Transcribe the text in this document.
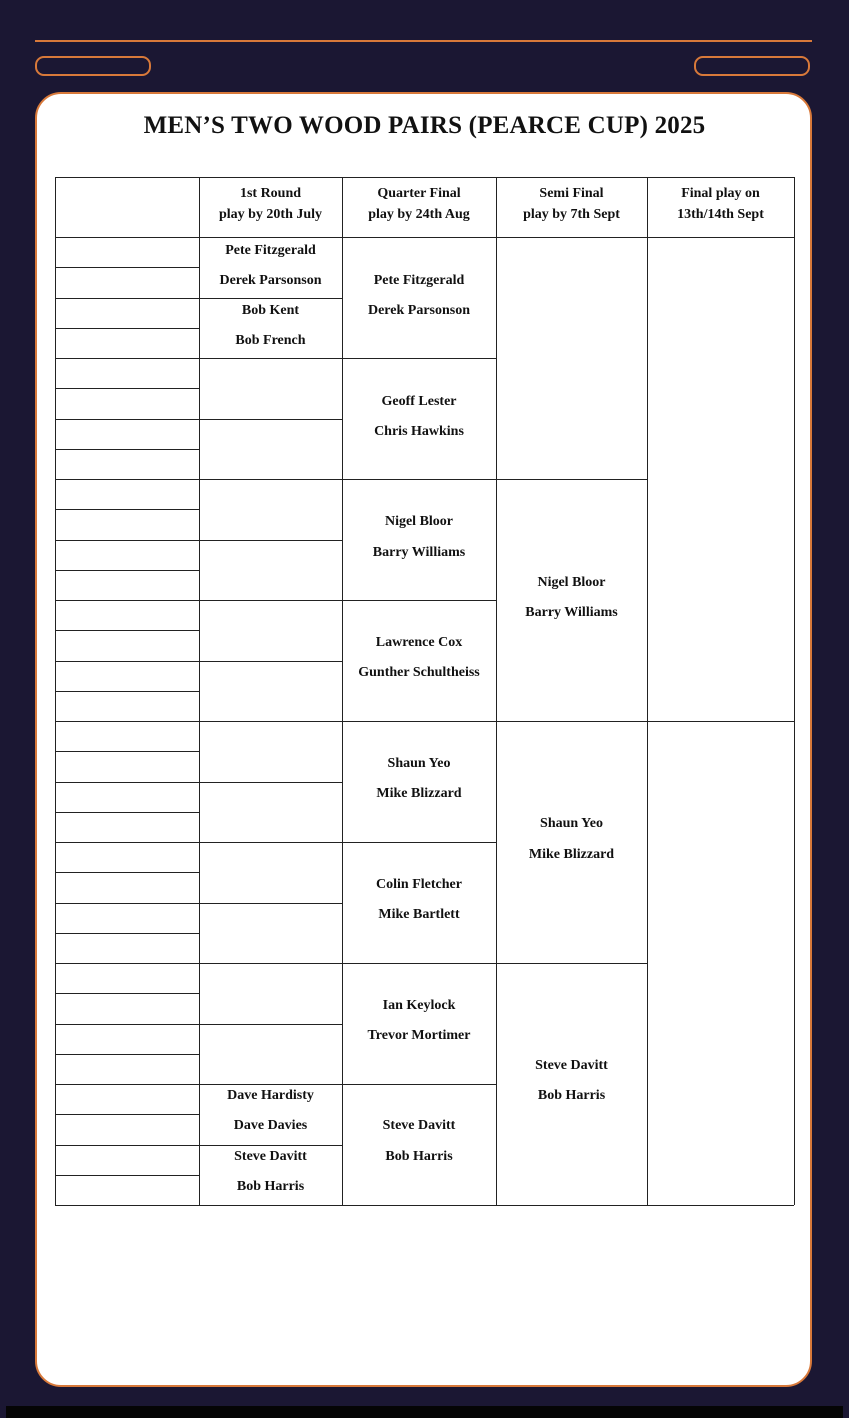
MEN’S TWO WOOD PAIRS (PEARCE CUP) 2025
1st Round
play by 20th July
Quarter Final
play by 24th Aug
Semi Final
play by 7th Sept
Final play on
13th/14th Sept
Pete Fitzgerald
Derek Parsonson
Bob Kent
Bob French
Dave Hardisty
Dave Davies
Steve Davitt
Bob Harris
Pete Fitzgerald
Derek Parsonson
Geoff Lester
Chris Hawkins
Nigel Bloor
Barry Williams
Lawrence Cox
Gunther Schultheiss
Shaun Yeo
Mike Blizzard
Colin Fletcher
Mike Bartlett
Ian Keylock
Trevor Mortimer
Steve Davitt
Bob Harris
Nigel Bloor
Barry Williams
Shaun Yeo
Mike Blizzard
Steve Davitt
Bob Harris
